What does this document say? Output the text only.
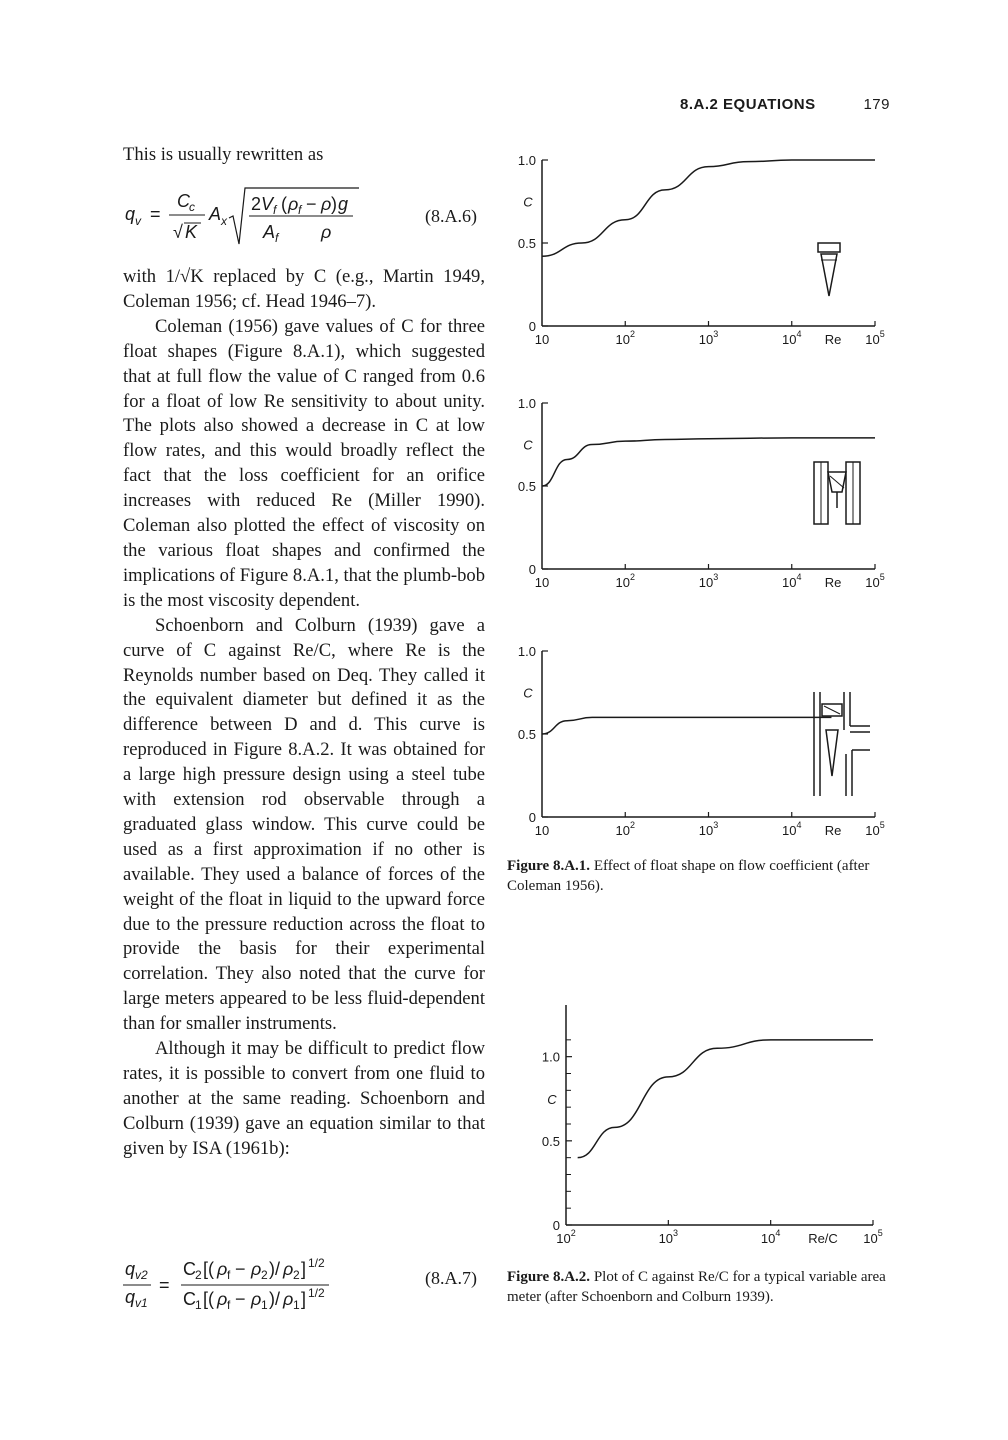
8.A.2 EQUATIONS	179

This is usually rewritten as

q v =
C c
√ K
A x
2 V f ( ρ f − ρ ) g
A f ρ
(8.A.6)

with 1/√K replaced by C (e.g., Martin 1949, Coleman 1956; cf. Head 1946–7).

Coleman (1956) gave values of C for three float shapes (Figure 8.A.1), which suggested that at full flow the value of C ranged from 0.6 for a float of low Re sensitivity to about unity. The plots also showed a decrease in C at low flow rates, and this would broadly reflect the fact that the loss coefficient for an orifice increases with reduced Re (Miller 1990). Coleman also plotted the effect of viscosity on the various float shapes and confirmed the implications of Figure 8.A.1, that the plumb-bob is the most viscosity dependent.

Schoenborn and Colburn (1939) gave a curve of C against Re/C, where Re is the Reynolds number based on Deq. They called it the equivalent diameter but defined it as the difference between D and d. This curve is reproduced in Figure 8.A.2. It was obtained for a large high pressure design using a steel tube with extension rod observable through a graduated glass window. This curve could be used as a first approximation if no other is available. They used a balance of forces of the weight of the float in liquid to the upward force due to the pressure reduction across the float to provide the basis for their experimental correlation. They also noted that the curve for large meters appeared to be less fluid-dependent than for smaller instruments.

Although it may be difficult to predict flow rates, it is possible to convert from one fluid to another at the same reading. Schoenborn and Colburn (1939) gave an equation similar to that given by ISA (1961b):

q v2
q v1
=
C 2 [( ρ f − ρ 2 )/ ρ 2 ] 1/2
C 1 [( ρ f − ρ 1 )/ ρ 1 ] 1/2
(8.A.7)
1.0
0.5
0
C
10	$10^2$	$10^3$	$10^4$	$10^5$
Re
1.0
0.5
0
C
10	$10^2$	$10^3$	$10^4$	$10^5$
Re
1.0
0.5
0
C
10	$10^2$	$10^3$	$10^4$	$10^5$
Re
Figure 8.A.1. Effect of float shape on flow coefficient (after Coleman 1956).
1.0
0.5
0
C
$10^2$	$10^3$	$10^4$	$10^5$
Re/C
Figure 8.A.2. Plot of C against Re/C for a typical variable area meter (after Schoenborn and Colburn 1939).
